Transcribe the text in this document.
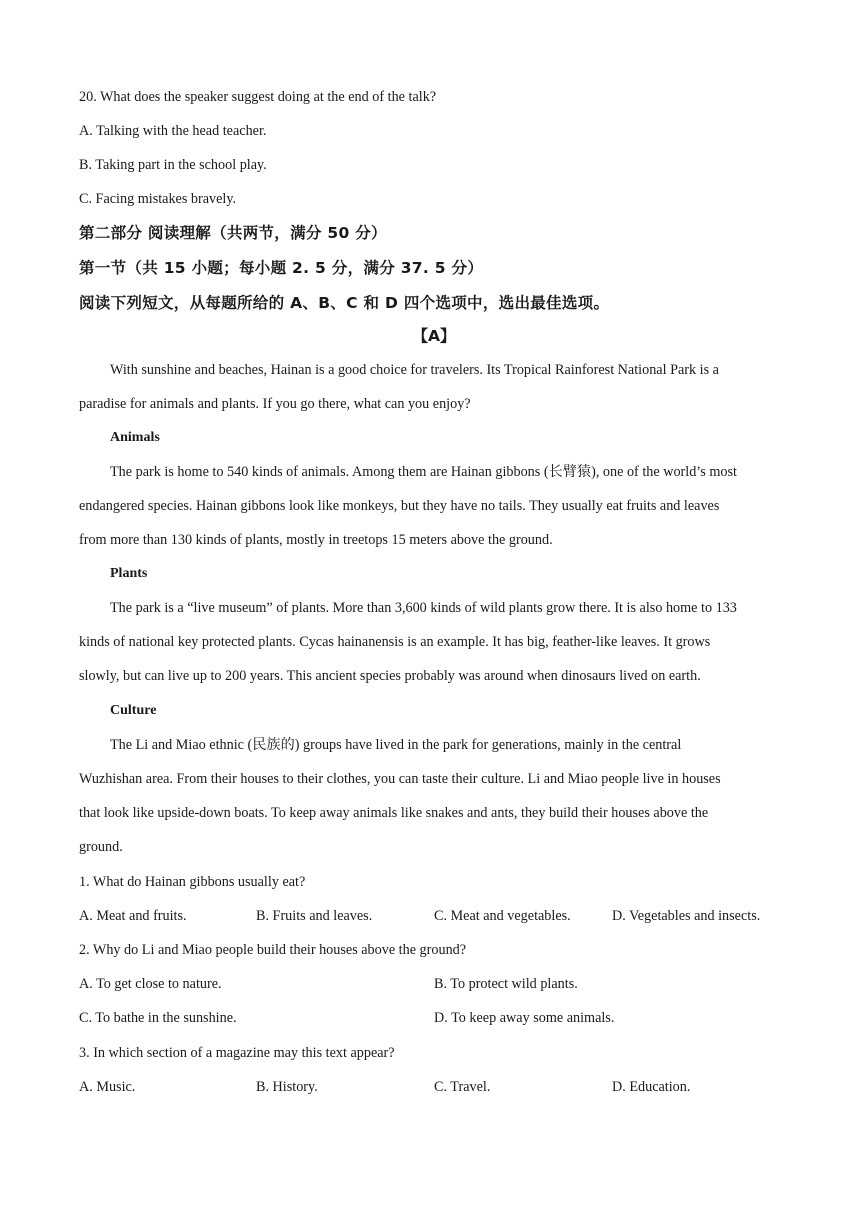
20. What does the speaker suggest doing at the end of the talk?
A. Talking with the head teacher.
B. Taking part in the school play.
C. Facing mistakes bravely.
第二部分 阅读理解（共两节，满分 50 分）
第一节（共 15 小题；每小题 2. 5 分，满分 37. 5 分）
阅读下列短文，从每题所给的 A、B、C 和 D 四个选项中，选出最佳选项。
【A】
With sunshine and beaches, Hainan is a good choice for travelers. Its Tropical Rainforest National Park is a
paradise for animals and plants. If you go there, what can you enjoy?
Animals
The park is home to 540 kinds of animals. Among them are Hainan gibbons (长臂猿), one of the world’s most
endangered species. Hainan gibbons look like monkeys, but they have no tails. They usually eat fruits and leaves
from more than 130 kinds of plants, mostly in treetops 15 meters above the ground.
Plants
The park is a “live museum” of plants. More than 3,600 kinds of wild plants grow there. It is also home to 133
kinds of national key protected plants. Cycas hainanensis is an example. It has big, feather-like leaves. It grows
slowly, but can live up to 200 years. This ancient species probably was around when dinosaurs lived on earth.
Culture
The Li and Miao ethnic (民族的) groups have lived in the park for generations, mainly in the central
Wuzhishan area. From their houses to their clothes, you can taste their culture. Li and Miao people live in houses
that look like upside-down boats. To keep away animals like snakes and ants, they build their houses above the
ground.
1. What do Hainan gibbons usually eat?
A. Meat and fruits.	B. Fruits and leaves.	C. Meat and vegetables.	D. Vegetables and insects.
2. Why do Li and Miao people build their houses above the ground?
A. To get close to nature.	B. To protect wild plants.
C. To bathe in the sunshine.	D. To keep away some animals.
3. In which section of a magazine may this text appear?
A. Music.	B. History.	C. Travel.	D. Education.
